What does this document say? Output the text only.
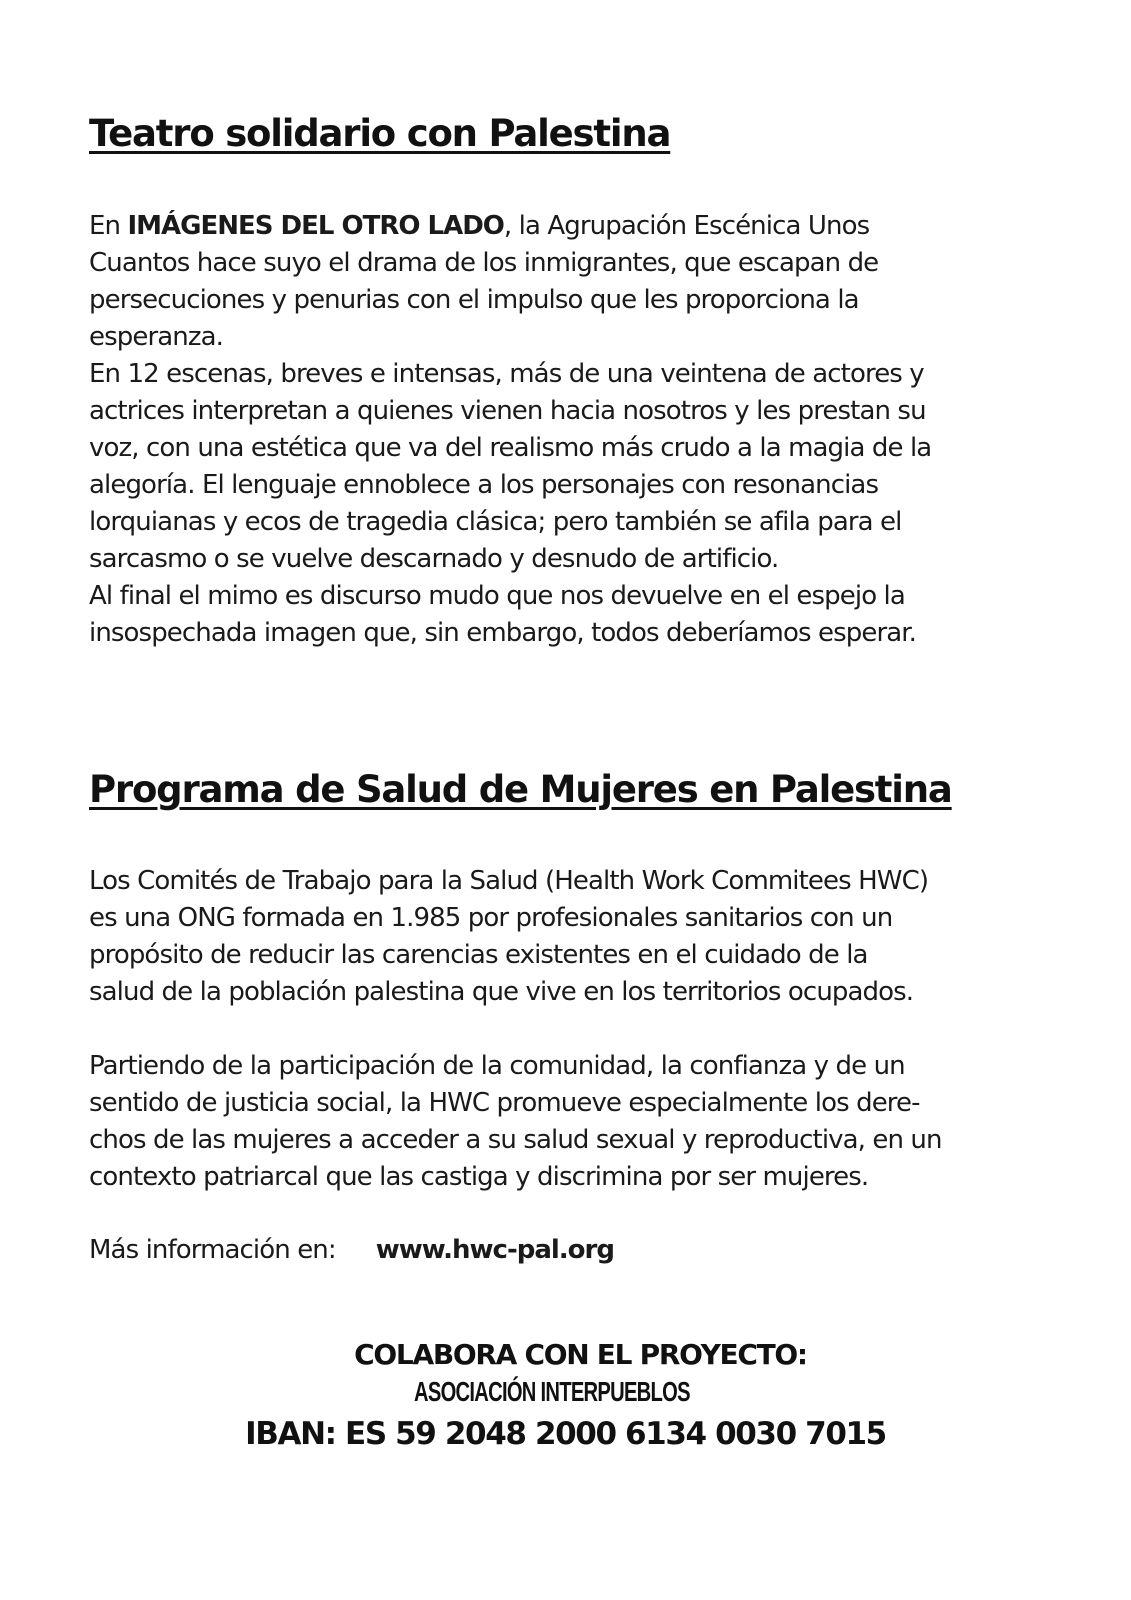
Teatro solidario con Palestina
En IMÁGENES DEL OTRO LADO, la Agrupación Escénica Unos
Cuantos hace suyo el drama de los inmigrantes, que escapan de
persecuciones y penurias con el impulso que les proporciona la
esperanza.
En 12 escenas, breves e intensas, más de una veintena de actores y
actrices interpretan a quienes vienen hacia nosotros y les prestan su
voz, con una estética que va del realismo más crudo a la magia de la
alegoría. El lenguaje ennoblece a los personajes con resonancias
lorquianas y ecos de tragedia clásica; pero también se afila para el
sarcasmo o se vuelve descarnado y desnudo de artificio.
Al final el mimo es discurso mudo que nos devuelve en el espejo la
insospechada imagen que, sin embargo, todos deberíamos esperar.
Programa de Salud de Mujeres en Palestina
Los Comités de Trabajo para la Salud (Health Work Commitees HWC)
es una ONG formada en 1.985 por profesionales sanitarios con un
propósito de reducir las carencias existentes en el cuidado de la
salud de la población palestina que vive en los territorios ocupados.
Partiendo de la participación de la comunidad, la confianza y de un
sentido de justicia social, la HWC promueve especialmente los dere-
chos de las mujeres a acceder a su salud sexual y reproductiva, en un
contexto patriarcal que las castiga y discrimina por ser mujeres.
Más información en: www.hwc-pal.org
COLABORA CON EL PROYECTO:
ASOCIACIÓN INTERPUEBLOS
IBAN: ES 59 2048 2000 6134 0030 7015
